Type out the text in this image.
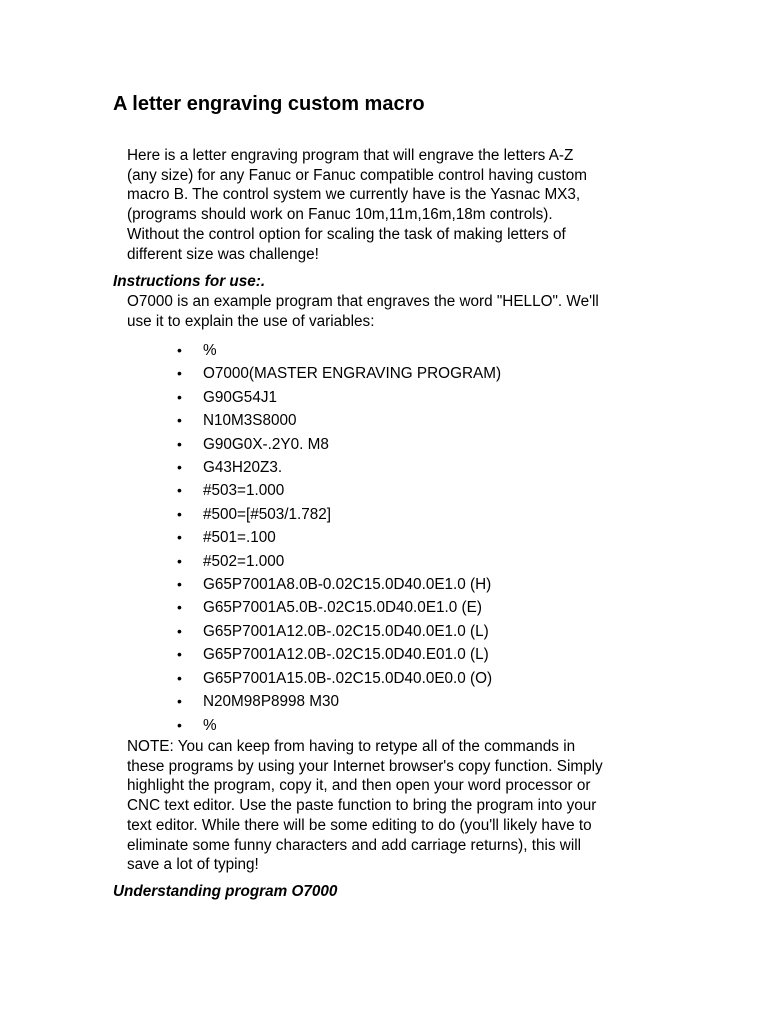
A letter engraving custom macro
Here is a letter engraving program that will engrave the letters A-Z
(any size) for any Fanuc or Fanuc compatible control having custom
macro B. The control system we currently have is the Yasnac MX3,
(programs should work on Fanuc 10m,11m,16m,18m controls).
Without the control option for scaling the task of making letters of
different size was challenge!
Instructions for use:.
O7000 is an example program that engraves the word "HELLO". We'll
use it to explain the use of variables:
• %
• O7000(MASTER ENGRAVING PROGRAM)
• G90G54J1
• N10M3S8000
• G90G0X-.2Y0. M8
• G43H20Z3.
• #503=1.000
• #500=[#503/1.782]
• #501=.100
• #502=1.000
• G65P7001A8.0B-0.02C15.0D40.0E1.0 (H)
• G65P7001A5.0B-.02C15.0D40.0E1.0 (E)
• G65P7001A12.0B-.02C15.0D40.0E1.0 (L)
• G65P7001A12.0B-.02C15.0D40.E01.0 (L)
• G65P7001A15.0B-.02C15.0D40.0E0.0 (O)
• N20M98P8998 M30
• %
NOTE: You can keep from having to retype all of the commands in
these programs by using your Internet browser's copy function. Simply
highlight the program, copy it, and then open your word processor or
CNC text editor. Use the paste function to bring the program into your
text editor. While there will be some editing to do (you'll likely have to
eliminate some funny characters and add carriage returns), this will
save a lot of typing!
Understanding program O7000
